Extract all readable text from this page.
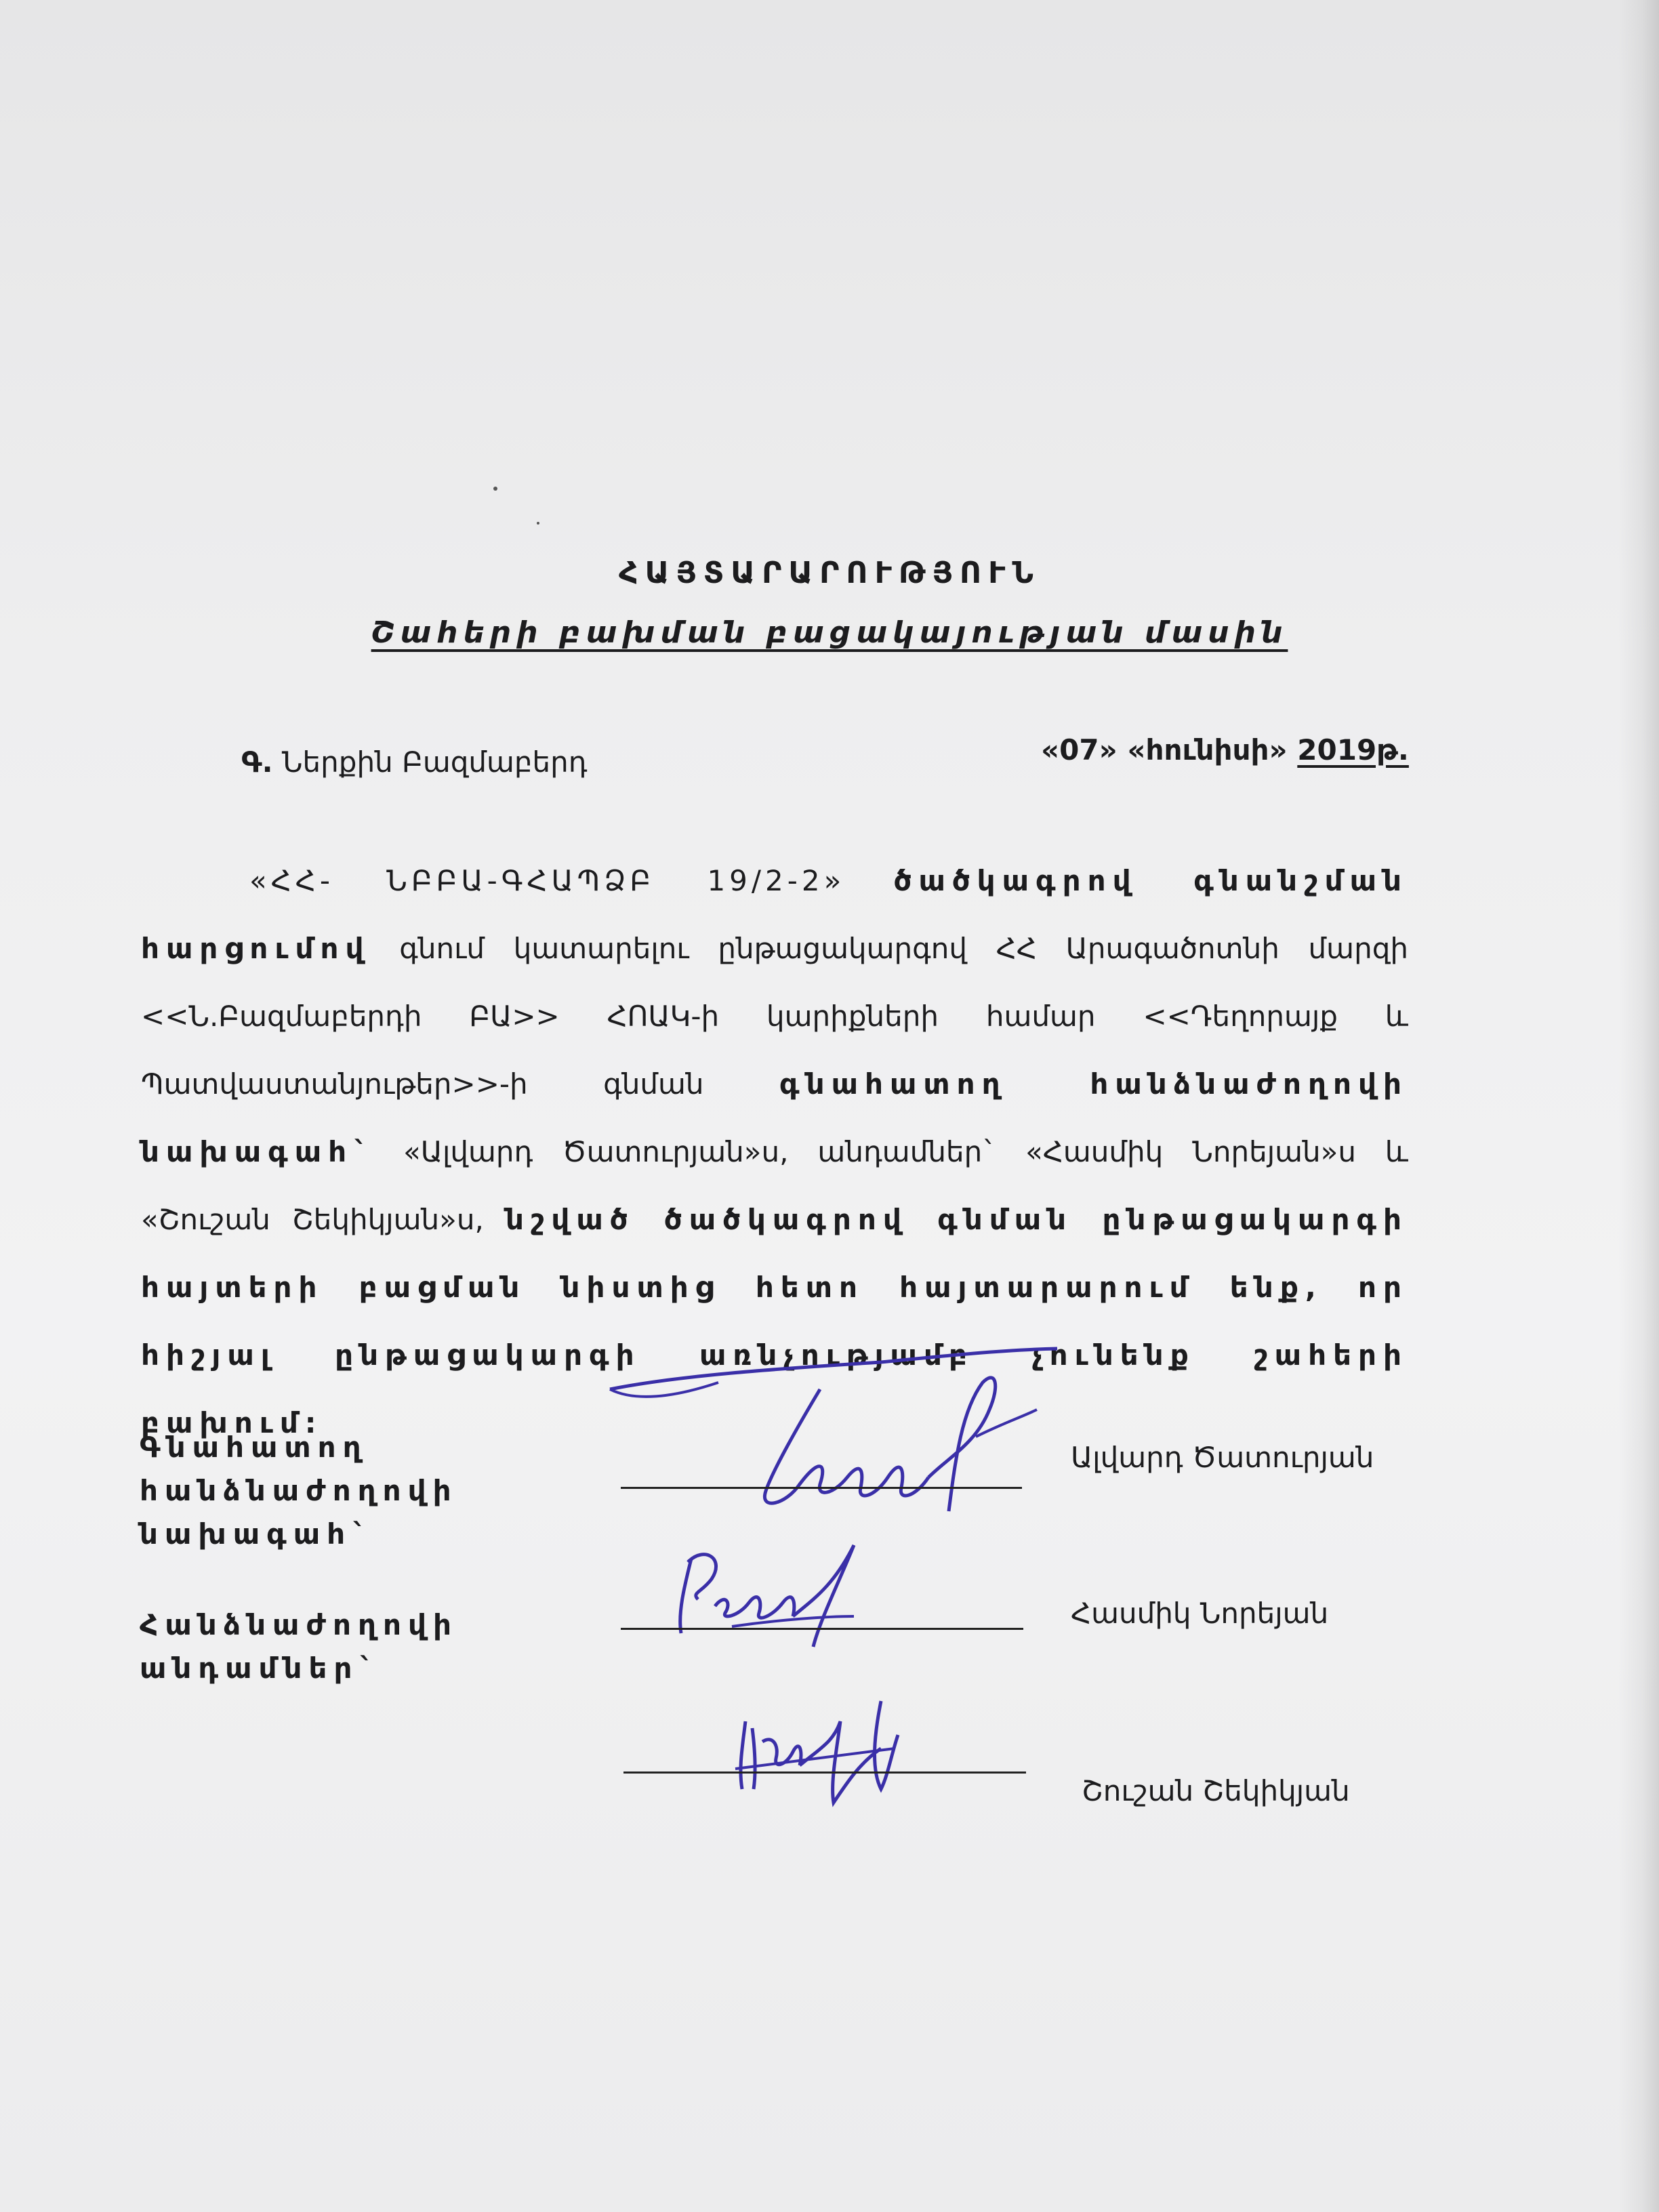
ՀԱՅՏԱՐԱՐՈՒԹՅՈՒՆ
Շահերի բախման բացակայության մասին
Գ. Ներքին Բազմաբերդ	«07» «հունիսի» 2019թ.
«ՀՀ- ՆԲԲԱ-ԳՀԱՊՁԲ 19/2-2» ծածկագրով գնանշման հարցումով գնում կատարելու ընթացակարգով ՀՀ Արագածոտնի մարզի <<Ն.Բազմաբերդի ԲԱ>> ՀՈԱԿ-ի կարիքների համար <<Դեղորայք և Պատվաստանյութեր>>-ի գնման	գնահատող հանձնաժողովի նախագահ` «Ալվարդ Ծատուրյան»ս, անդամներ` «Հասմիկ Նորեյան»ս և «Շուշան Շեկիկյան»ս, նշված ծածկագրով գնման ընթացակարգի հայտերի բացման նիստից հետո հայտարարում ենք, որ հիշյալ ընթացակարգի առնչությամբ չունենք շահերի բախում:
Գնահատող
հանձնաժողովի
նախագահ`
Հանձնաժողովի
անդամներ`
Ալվարդ Ծատուրյան
Հասմիկ Նորեյան
Շուշան Շեկիկյան
